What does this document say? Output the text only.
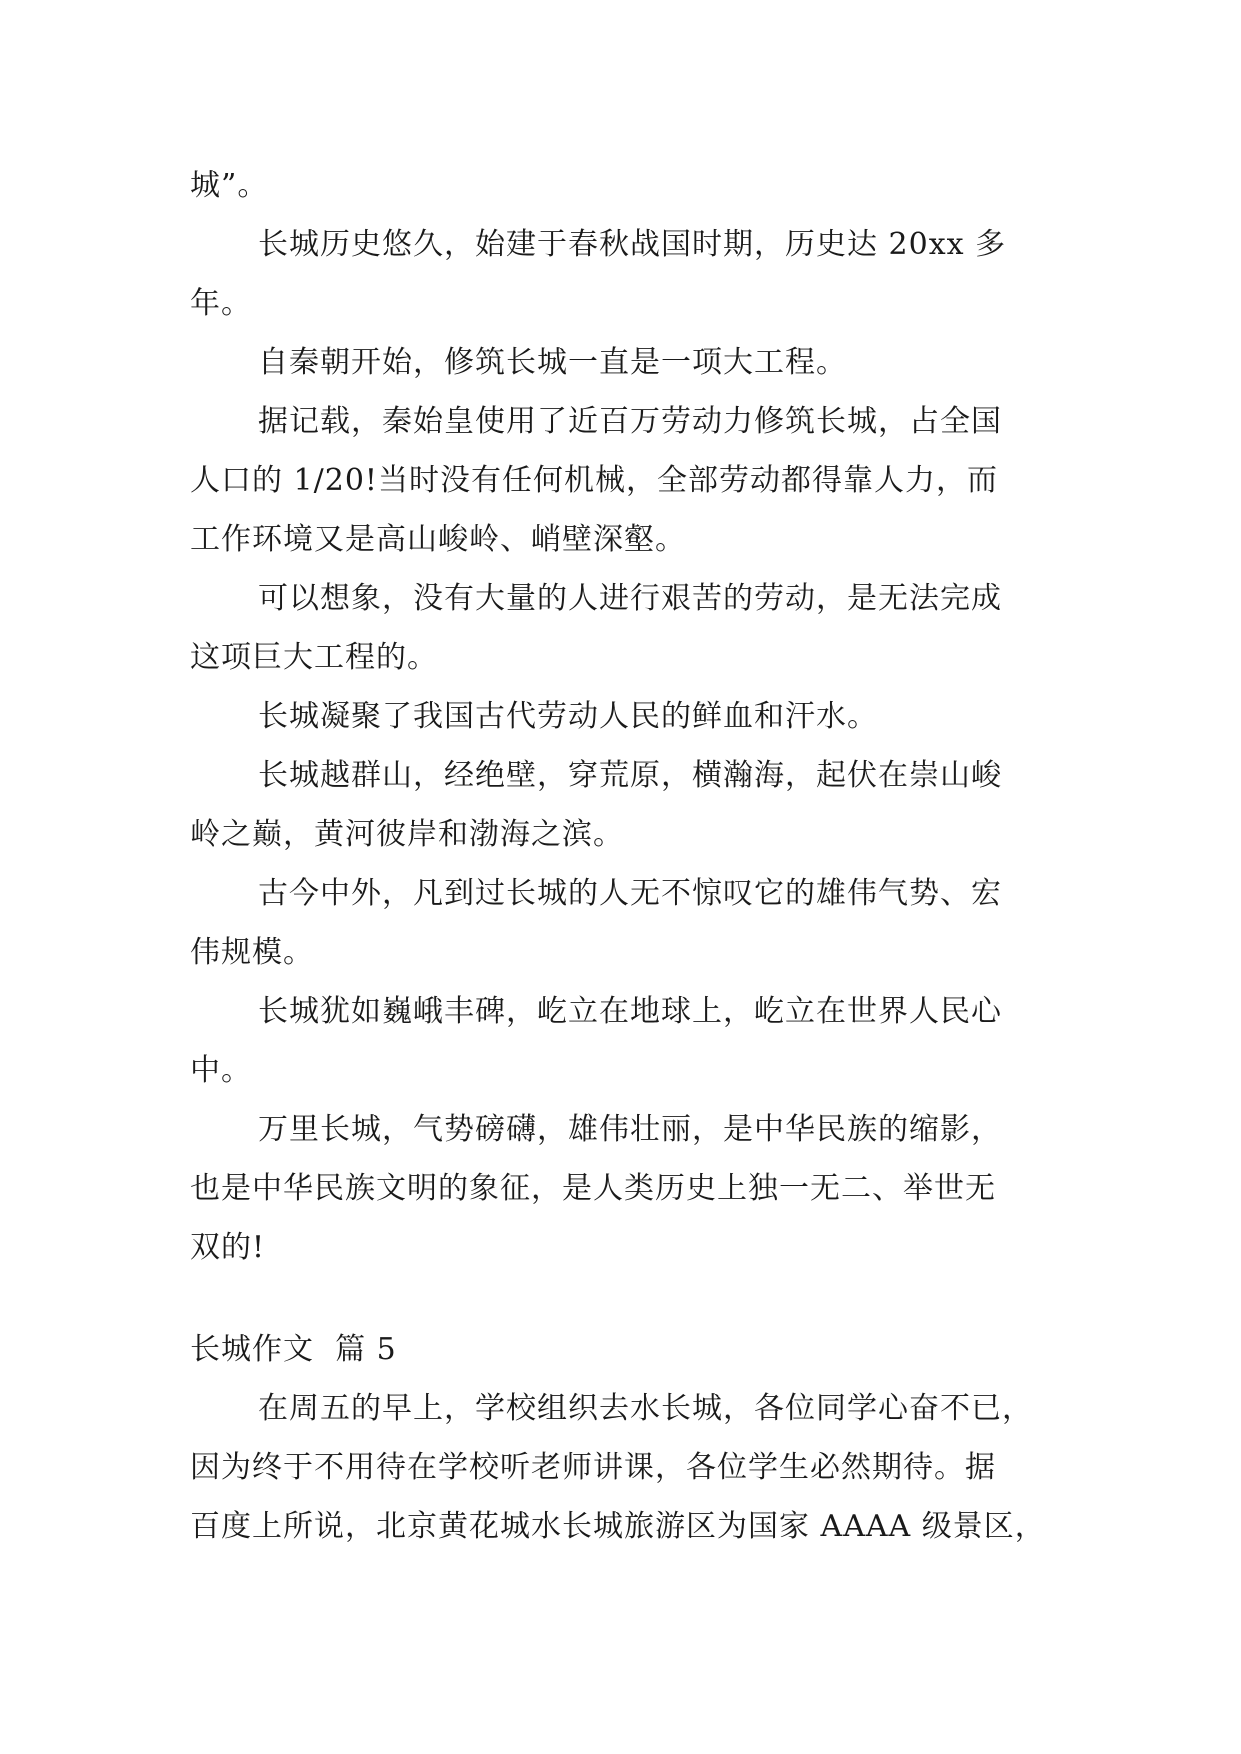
城”。
长城历史悠久，始建于春秋战国时期，历史达 20xx 多
年。
自秦朝开始，修筑长城一直是一项大工程。
据记载，秦始皇使用了近百万劳动力修筑长城，占全国
人口的 1/20!当时没有任何机械，全部劳动都得靠人力，而
工作环境又是高山峻岭、峭壁深壑。
可以想象，没有大量的人进行艰苦的劳动，是无法完成
这项巨大工程的。
长城凝聚了我国古代劳动人民的鲜血和汗水。
长城越群山，经绝壁，穿荒原，横瀚海，起伏在崇山峻
岭之巅，黄河彼岸和渤海之滨。
古今中外，凡到过长城的人无不惊叹它的雄伟气势、宏
伟规模。
长城犹如巍峨丰碑，屹立在地球上，屹立在世界人民心
中。
万里长城，气势磅礴，雄伟壮丽，是中华民族的缩影，
也是中华民族文明的象征，是人类历史上独一无二、举世无
双的!
长城作文  篇 5
在周五的早上，学校组织去水长城，各位同学心奋不已，
因为终于不用待在学校听老师讲课，各位学生必然期待。据
百度上所说，北京黄花城水长城旅游区为国家 AAAA 级景区，
